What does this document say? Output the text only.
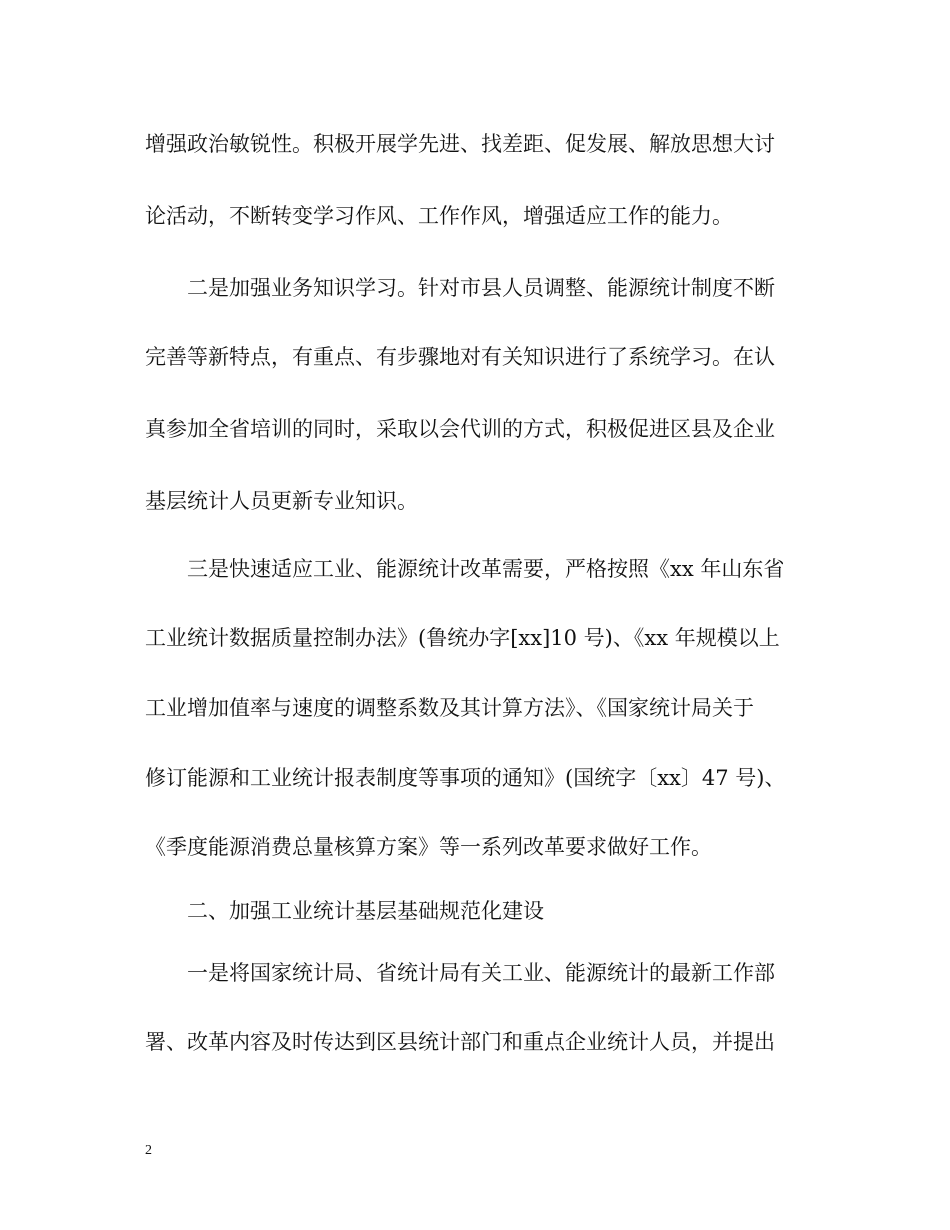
增强政治敏锐性。积极开展学先进、找差距、促发展、解放思想大讨
论活动，不断转变学习作风、工作作风，增强适应工作的能力。
二是加强业务知识学习。针对市县人员调整、能源统计制度不断
完善等新特点，有重点、有步骤地对有关知识进行了系统学习。在认
真参加全省培训的同时，采取以会代训的方式，积极促进区县及企业
基层统计人员更新专业知识。
三是快速适应工业、能源统计改革需要，严格按照《xx 年山东省
工业统计数据质量控制办法》(鲁统办字[xx]10 号)、《xx 年规模以上
工业增加值率与速度的调整系数及其计算方法》、《国家统计局关于
修订能源和工业统计报表制度等事项的通知》(国统字〔xx〕47 号)、
《季度能源消费总量核算方案》等一系列改革要求做好工作。
二、加强工业统计基层基础规范化建设
一是将国家统计局、省统计局有关工业、能源统计的最新工作部
署、改革内容及时传达到区县统计部门和重点企业统计人员，并提出
2
